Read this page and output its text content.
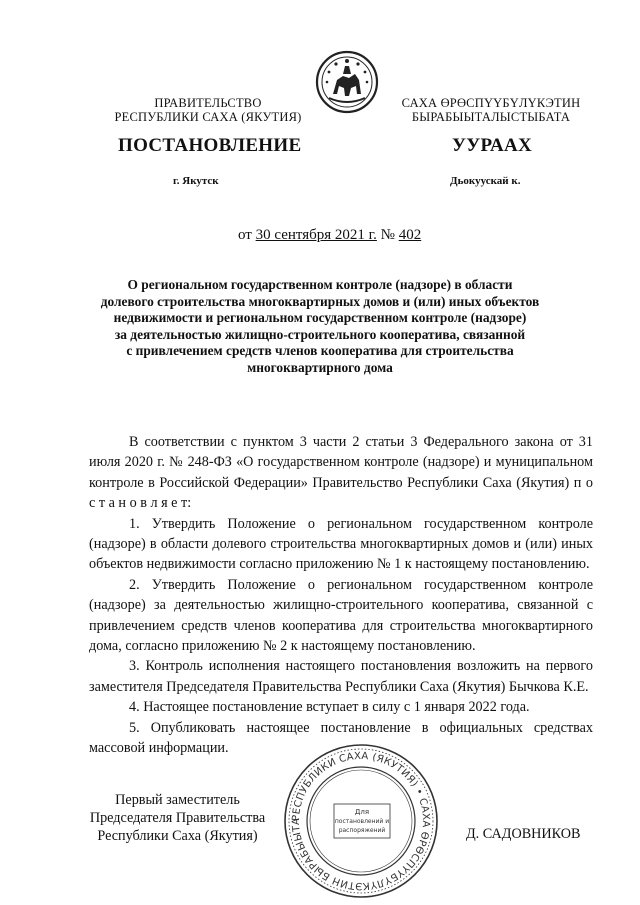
ПРАВИТЕЛЬСТВО
РЕСПУБЛИКИ САХА (ЯКУТИЯ)
САХА ӨРӨСПҮҮБҮЛҮКЭТИН
БЫРАБЫЫТАЛЫСТЫБАТА
ПОСТАНОВЛЕНИЕ	УУРААХ
г. Якутск	Дьокуускай к.
от 30 сентября 2021 г. № 402
О региональном государственном контроле (надзоре) в области
долевого строительства многоквартирных домов и (или) иных объектов
недвижимости и региональном государственном контроле (надзоре)
за деятельностью жилищно-строительного кооператива, связанной
с привлечением средств членов кооператива для строительства
многоквартирного дома

В соответствии с пунктом 3 части 2 статьи 3 Федерального закона от 31 июля 2020 г. № 248-ФЗ «О государственном контроле (надзоре) и муниципальном контроле в Российской Федерации» Правительство Республики Саха (Якутия) п о с т а н о в л я е т:

1. Утвердить Положение о региональном государственном контроле (надзоре) в области долевого строительства многоквартирных домов и (или) иных объектов недвижимости согласно приложению № 1 к настоящему постановлению.

2. Утвердить Положение о региональном государственном контроле (надзоре) за деятельностью жилищно-строительного кооператива, связанной с привлечением средств членов кооператива для строительства многоквартирного дома, согласно приложению № 2 к настоящему постановлению.

3. Контроль исполнения настоящего постановления возложить на первого заместителя Председателя Правительства Республики Саха (Якутия) Бычкова К.Е.

4. Настоящее постановление вступает в силу с 1 января 2022 года.

5. Опубликовать настоящее постановление в официальных средствах массовой информации.

Первый заместитель
Председателя Правительства
Республики Саха (Якутия)	Д. САДОВНИКОВ
РЕСПУБЛИКИ САХА (ЯКУТИЯ) • САХА ӨРӨСПҮҮБҮЛҮКЭТИН БЫРАБЫЫТА
Для
постановлений и
распоряжений
